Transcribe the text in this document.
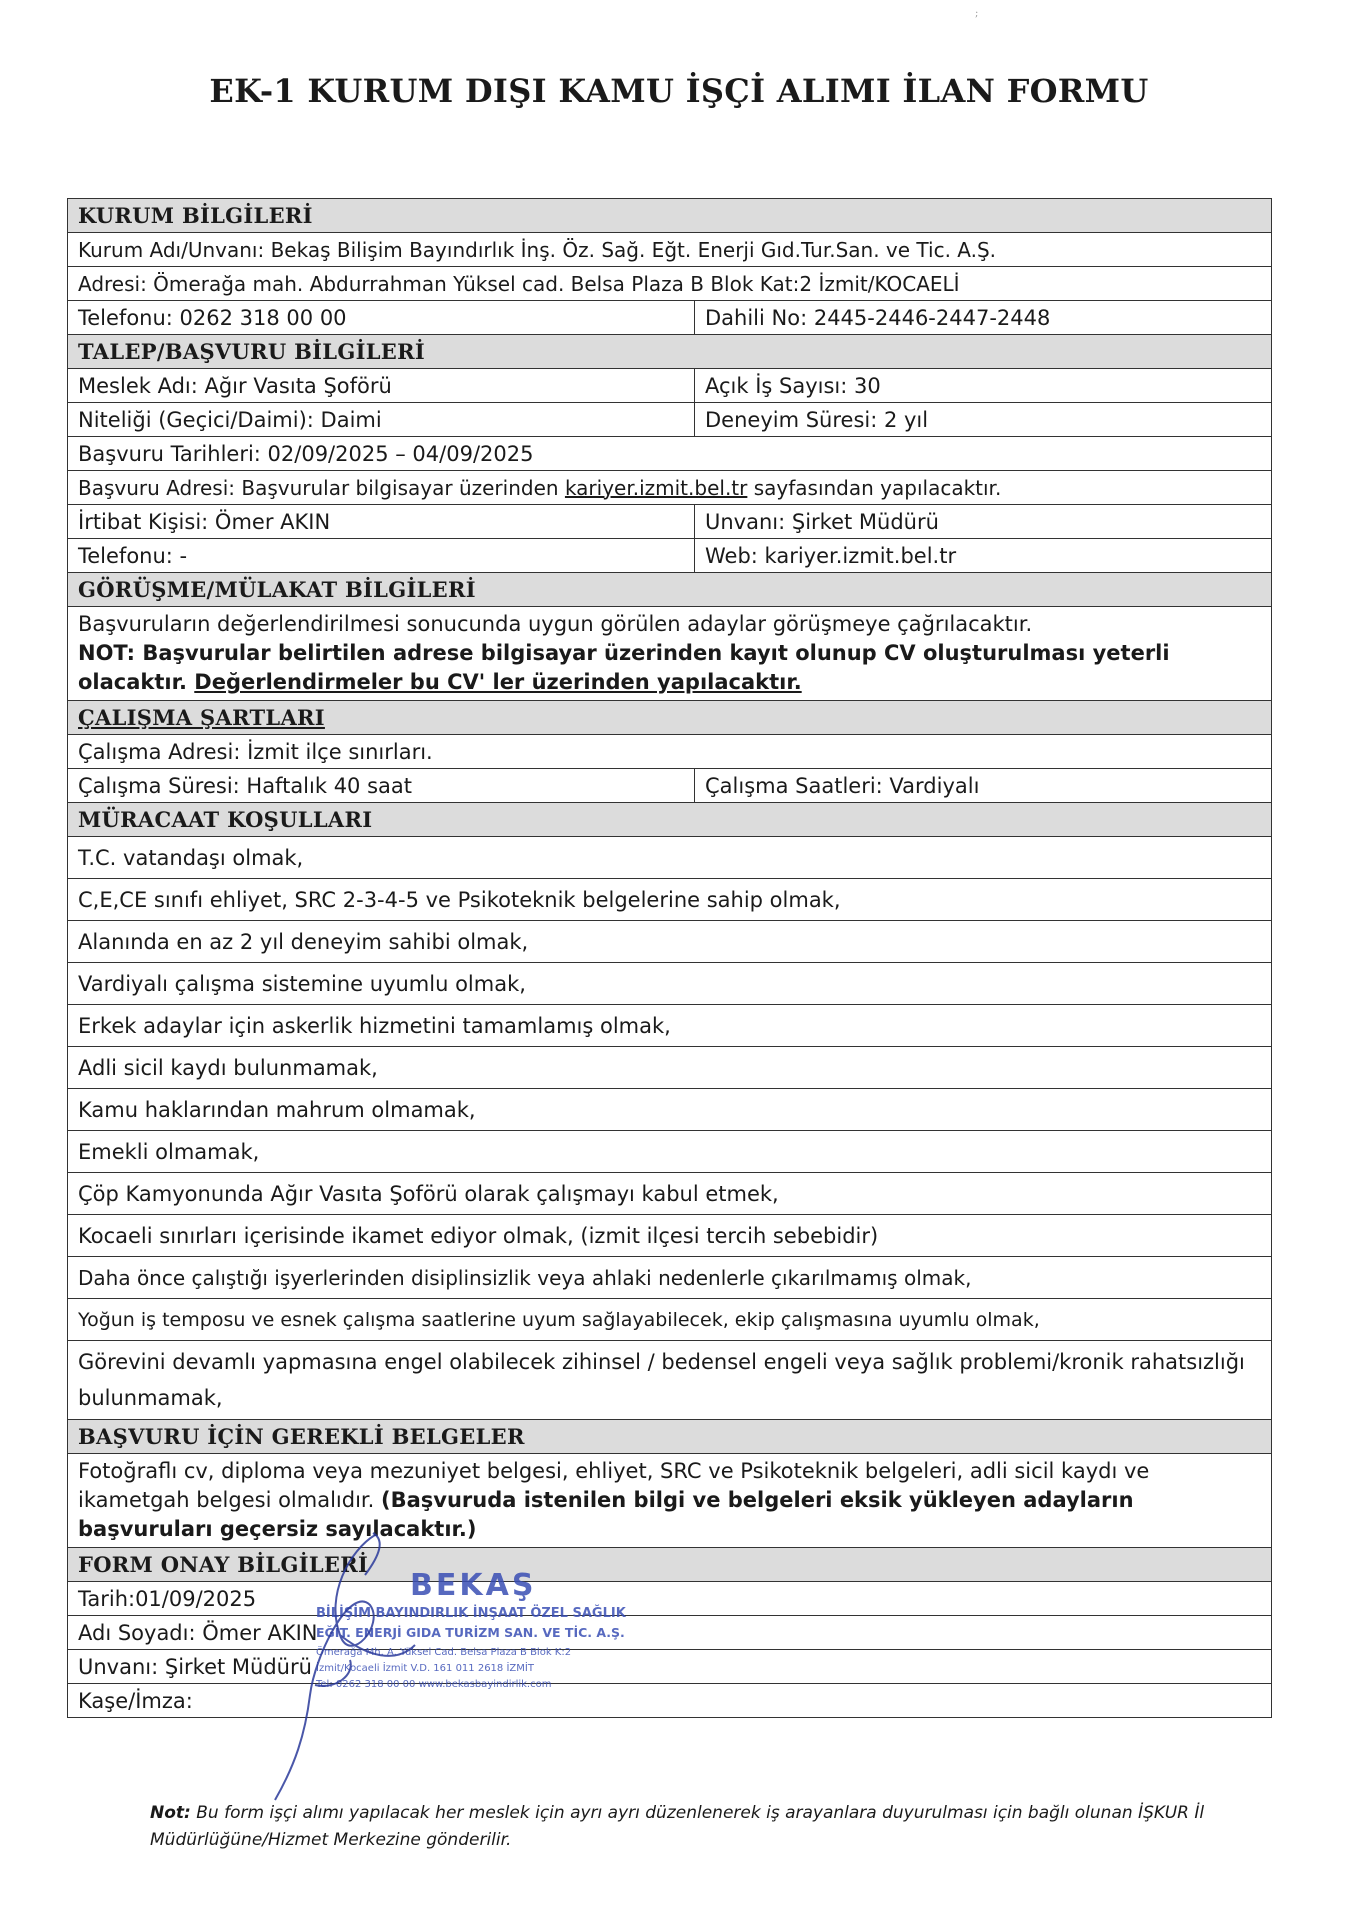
;
EK-1 KURUM DIŞI KAMU İŞÇİ ALIMI İLAN FORMU
KURUM BİLGİLERİ	
Kurum Adı/Unvanı: Bekaş Bilişim Bayındırlık İnş. Öz. Sağ. Eğt. Enerji Gıd.Tur.San. ve Tic. A.Ş.	
Adresi: Ömerağa mah. Abdurrahman Yüksel cad. Belsa Plaza B Blok Kat:2 İzmit/KOCAELİ	
Telefonu: 0262 318 00 00	Dahili No: 2445-2446-2447-2448
TALEP/BAŞVURU BİLGİLERİ	
Meslek Adı: Ağır Vasıta Şoförü	Açık İş Sayısı: 30
Niteliği (Geçici/Daimi): Daimi	Deneyim Süresi: 2 yıl
Başvuru Tarihleri: 02/09/2025 – 04/09/2025	
Başvuru Adresi: Başvurular bilgisayar üzerinden kariyer.izmit.bel.tr sayfasından yapılacaktır.	
İrtibat Kişisi: Ömer AKIN	Unvanı: Şirket Müdürü
Telefonu: -	Web: kariyer.izmit.bel.tr
GÖRÜŞME/MÜLAKAT BİLGİLERİ	
Başvuruların değerlendirilmesi sonucunda uygun görülen adaylar görüşmeye çağrılacaktır.
NOT: Başvurular belirtilen adrese bilgisayar üzerinden kayıt olunup CV oluşturulması yeterli olacaktır. Değerlendirmeler bu CV' ler üzerinden yapılacaktır.	
ÇALIŞMA ŞARTLARI	
Çalışma Adresi: İzmit ilçe sınırları.	
Çalışma Süresi: Haftalık 40 saat	Çalışma Saatleri: Vardiyalı
MÜRACAAT KOŞULLARI	
T.C. vatandaşı olmak,	
C,E,CE sınıfı ehliyet, SRC 2-3-4-5 ve Psikoteknik belgelerine sahip olmak,	
Alanında en az 2 yıl deneyim sahibi olmak,	
Vardiyalı çalışma sistemine uyumlu olmak,	
Erkek adaylar için askerlik hizmetini tamamlamış olmak,	
Adli sicil kaydı bulunmamak,	
Kamu haklarından mahrum olmamak,	
Emekli olmamak,	
Çöp Kamyonunda Ağır Vasıta Şoförü olarak çalışmayı kabul etmek,	
Kocaeli sınırları içerisinde ikamet ediyor olmak, (izmit ilçesi tercih sebebidir)	
Daha önce çalıştığı işyerlerinden disiplinsizlik veya ahlaki nedenlerle çıkarılmamış olmak,	
Yoğun iş temposu ve esnek çalışma saatlerine uyum sağlayabilecek, ekip çalışmasına uyumlu olmak,	
Görevini devamlı yapmasına engel olabilecek zihinsel / bedensel engeli veya sağlık problemi/kronik rahatsızlığı bulunmamak,	
BAŞVURU İÇİN GEREKLİ BELGELER	
Fotoğraflı cv, diploma veya mezuniyet belgesi, ehliyet, SRC ve Psikoteknik belgeleri, adli sicil kaydı ve ikametgah belgesi olmalıdır. (Başvuruda istenilen bilgi ve belgeleri eksik yükleyen adayların başvuruları geçersiz sayılacaktır.)	
FORM ONAY BİLGİLERİ	
Tarih:01/09/2025	
Adı Soyadı: Ömer AKIN	
Unvanı: Şirket Müdürü	
Kaşe/İmza:	
BEKAŞ
BİLİŞİM BAYINDIRLIK İNŞAAT ÖZEL SAĞLIK
EĞİT. ENERJİ GIDA TURİZM SAN. VE TİC. A.Ş.
Ömerağa Mh. A. Yüksel Cad. Belsa Plaza B Blok K:2
İzmit/Kocaeli İzmit V.D. 161 011 2618 İZMİT
Tel: 0262 318 00 00 www.bekasbayindirlik.com
Not: Bu form işçi alımı yapılacak her meslek için ayrı ayrı düzenlenerek iş arayanlara duyurulması için bağlı olunan İŞKUR İl Müdürlüğüne/Hizmet Merkezine gönderilir.
